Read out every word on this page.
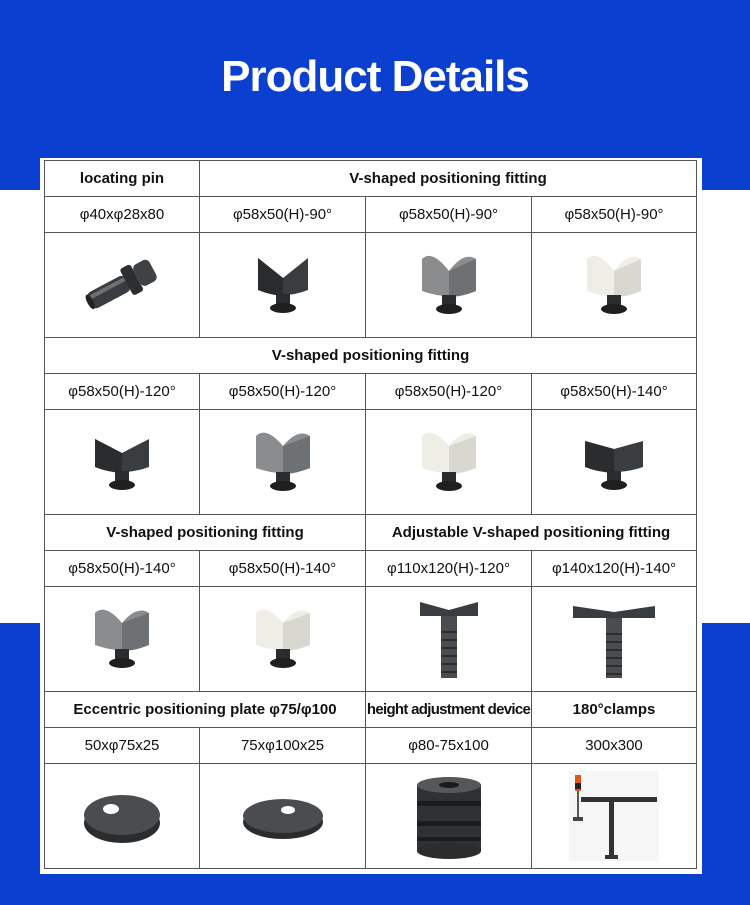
Product Details
locating pin	V-shaped positioning fitting		
φ40xφ28x80	φ58x50(H)-90°	φ58x50(H)-90°	φ58x50(H)-90°

V-shaped positioning fitting			
φ58x50(H)-120°	φ58x50(H)-120°	φ58x50(H)-120°	φ58x50(H)-140°

V-shaped positioning fitting		Adjustable V-shaped positioning fitting	
φ58x50(H)-140°	φ58x50(H)-140°	φ110x120(H)-120°	φ140x120(H)-140°

Eccentric positioning plate φ75/φ100		height adjustment device	180°clamps
50xφ75x25	75xφ100x25	φ80-75x100	300x300
